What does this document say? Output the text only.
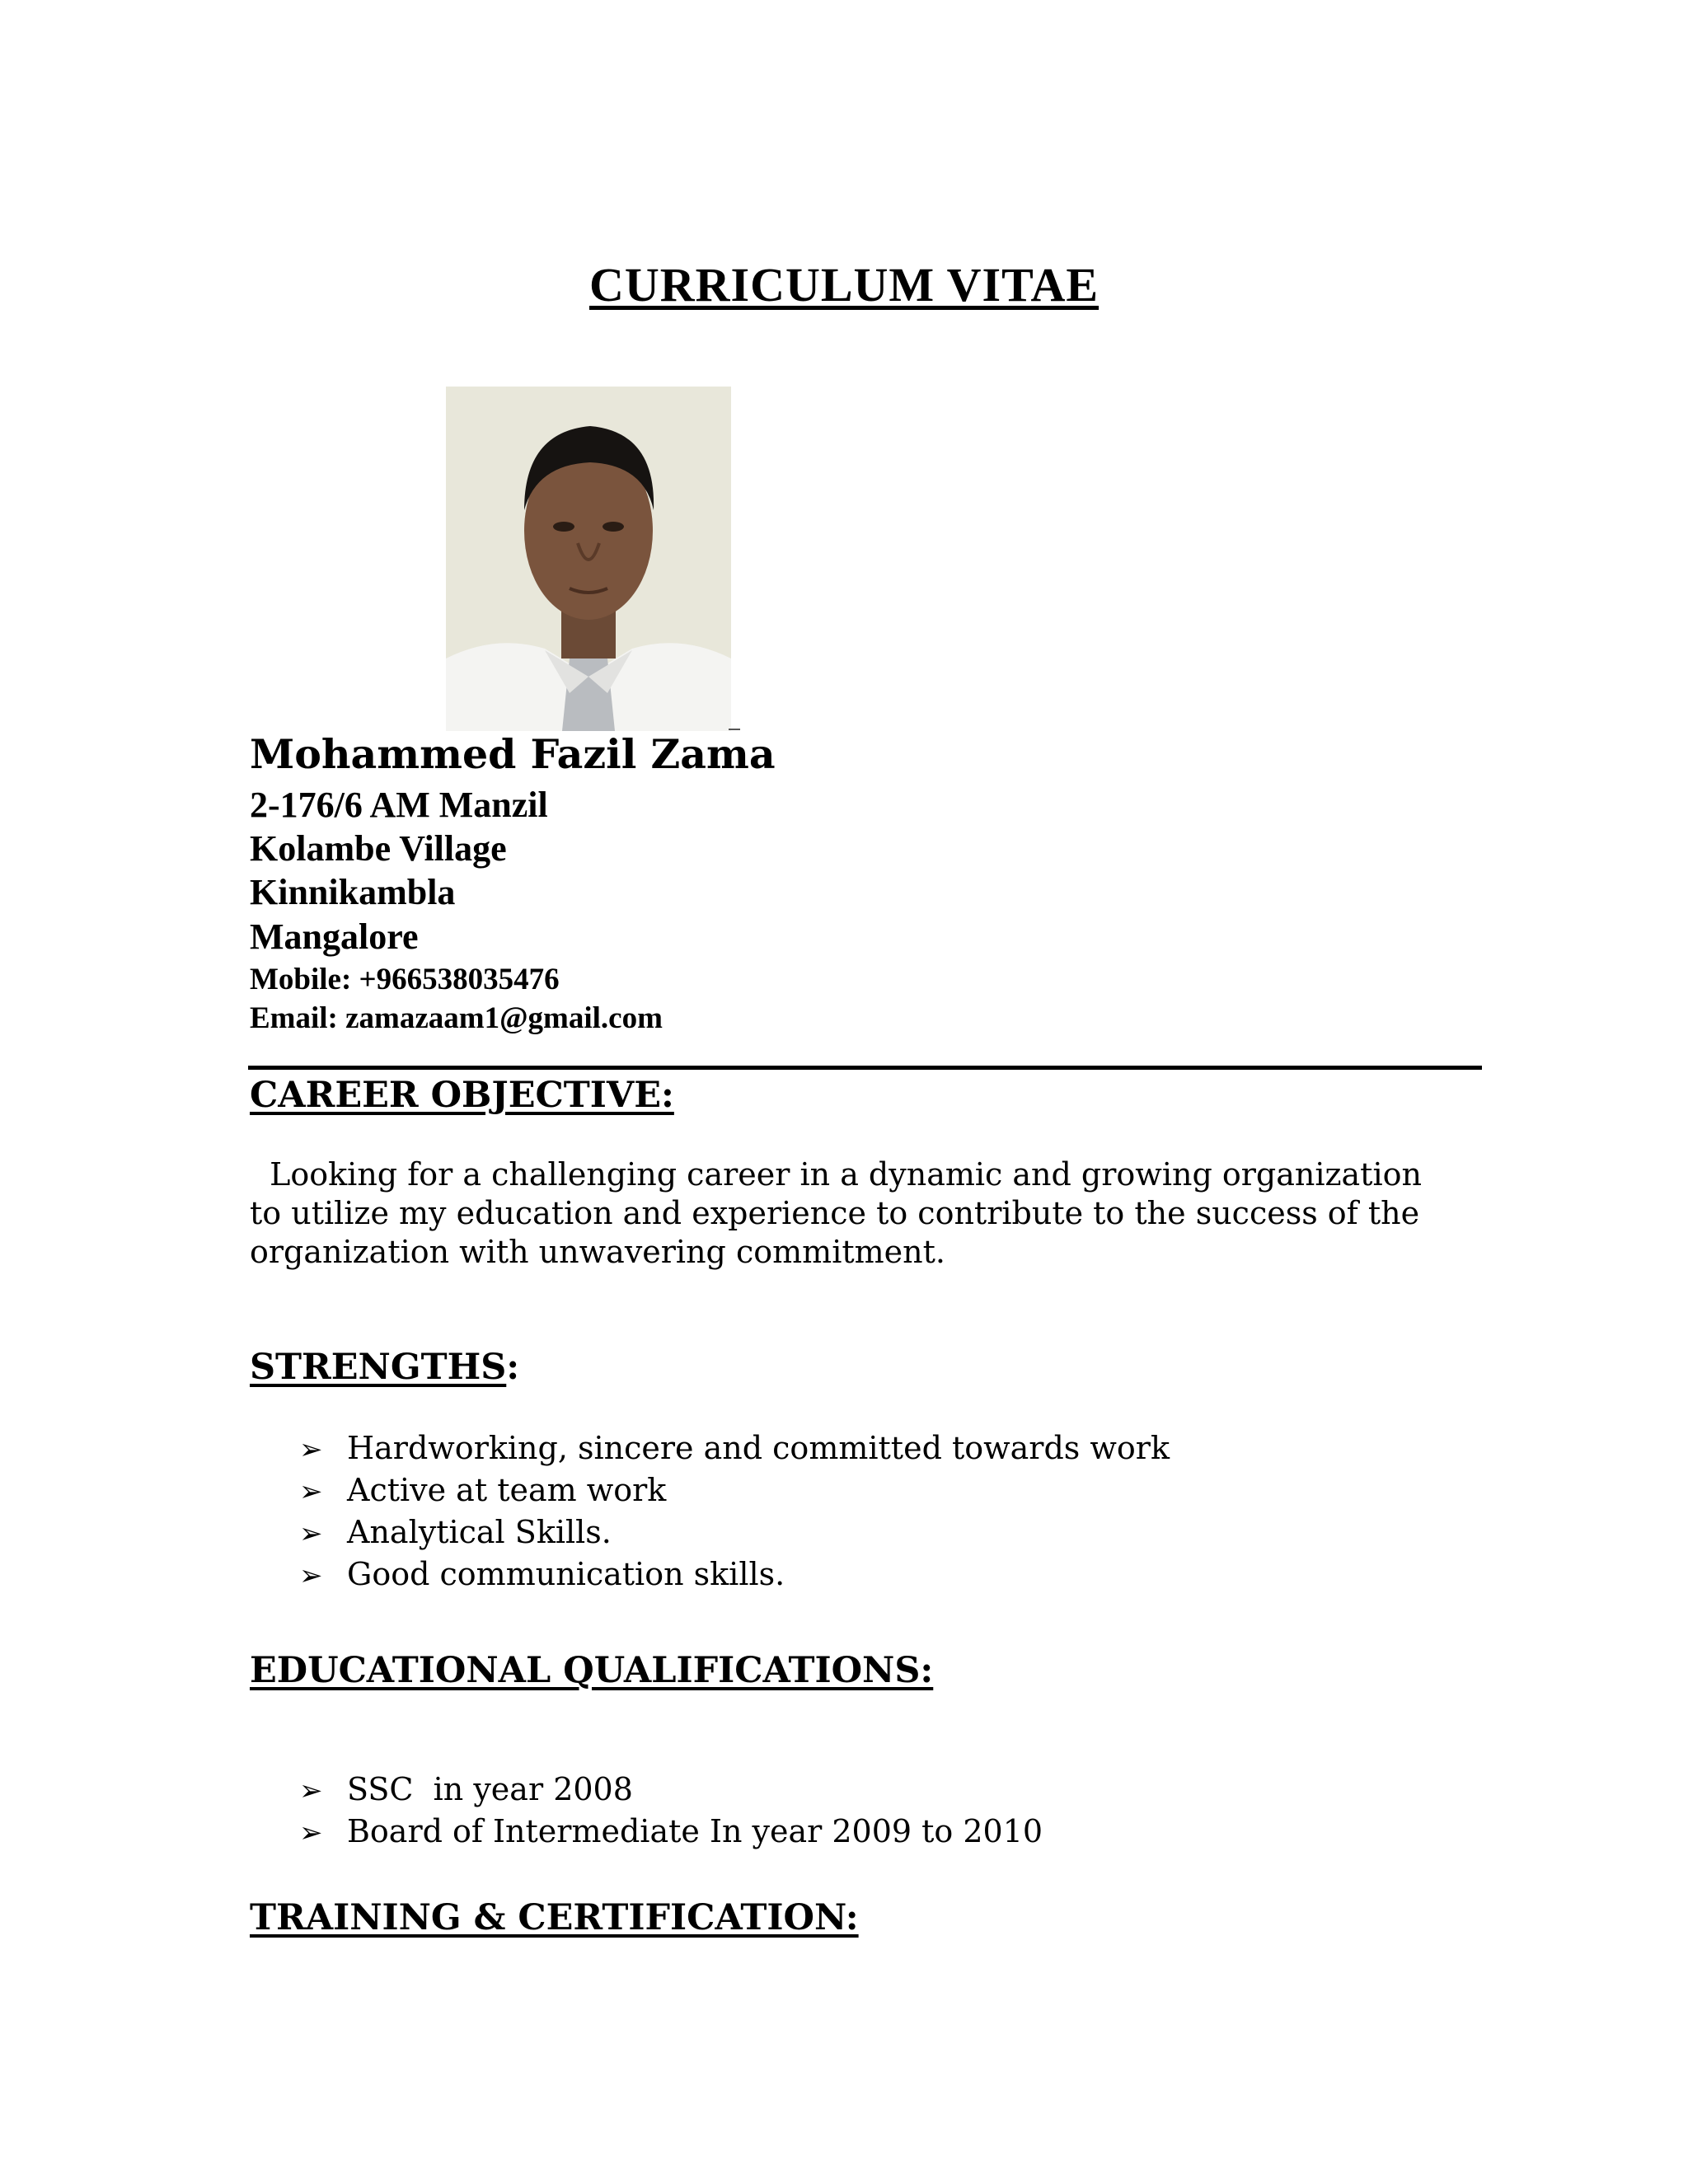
CURRICULUM VITAE
Mohammed Fazil Zama
2-176/6 AM Manzil
Kolambe Village
Kinnikambla
Mangalore
Mobile: +966538035476
Email: zamazaam1@gmail.com
CAREER OBJECTIVE:
Looking for a challenging career in a dynamic and growing organization
to utilize my education and experience to contribute to the success of the
organization with unwavering commitment.
STRENGTHS:
➢ Hardworking, sincere and committed towards work
➢ Active at team work
➢ Analytical Skills.
➢ Good communication skills.
EDUCATIONAL QUALIFICATIONS:
➢ SSC  in year 2008
➢ Board of Intermediate In year 2009 to 2010
TRAINING & CERTIFICATION:
